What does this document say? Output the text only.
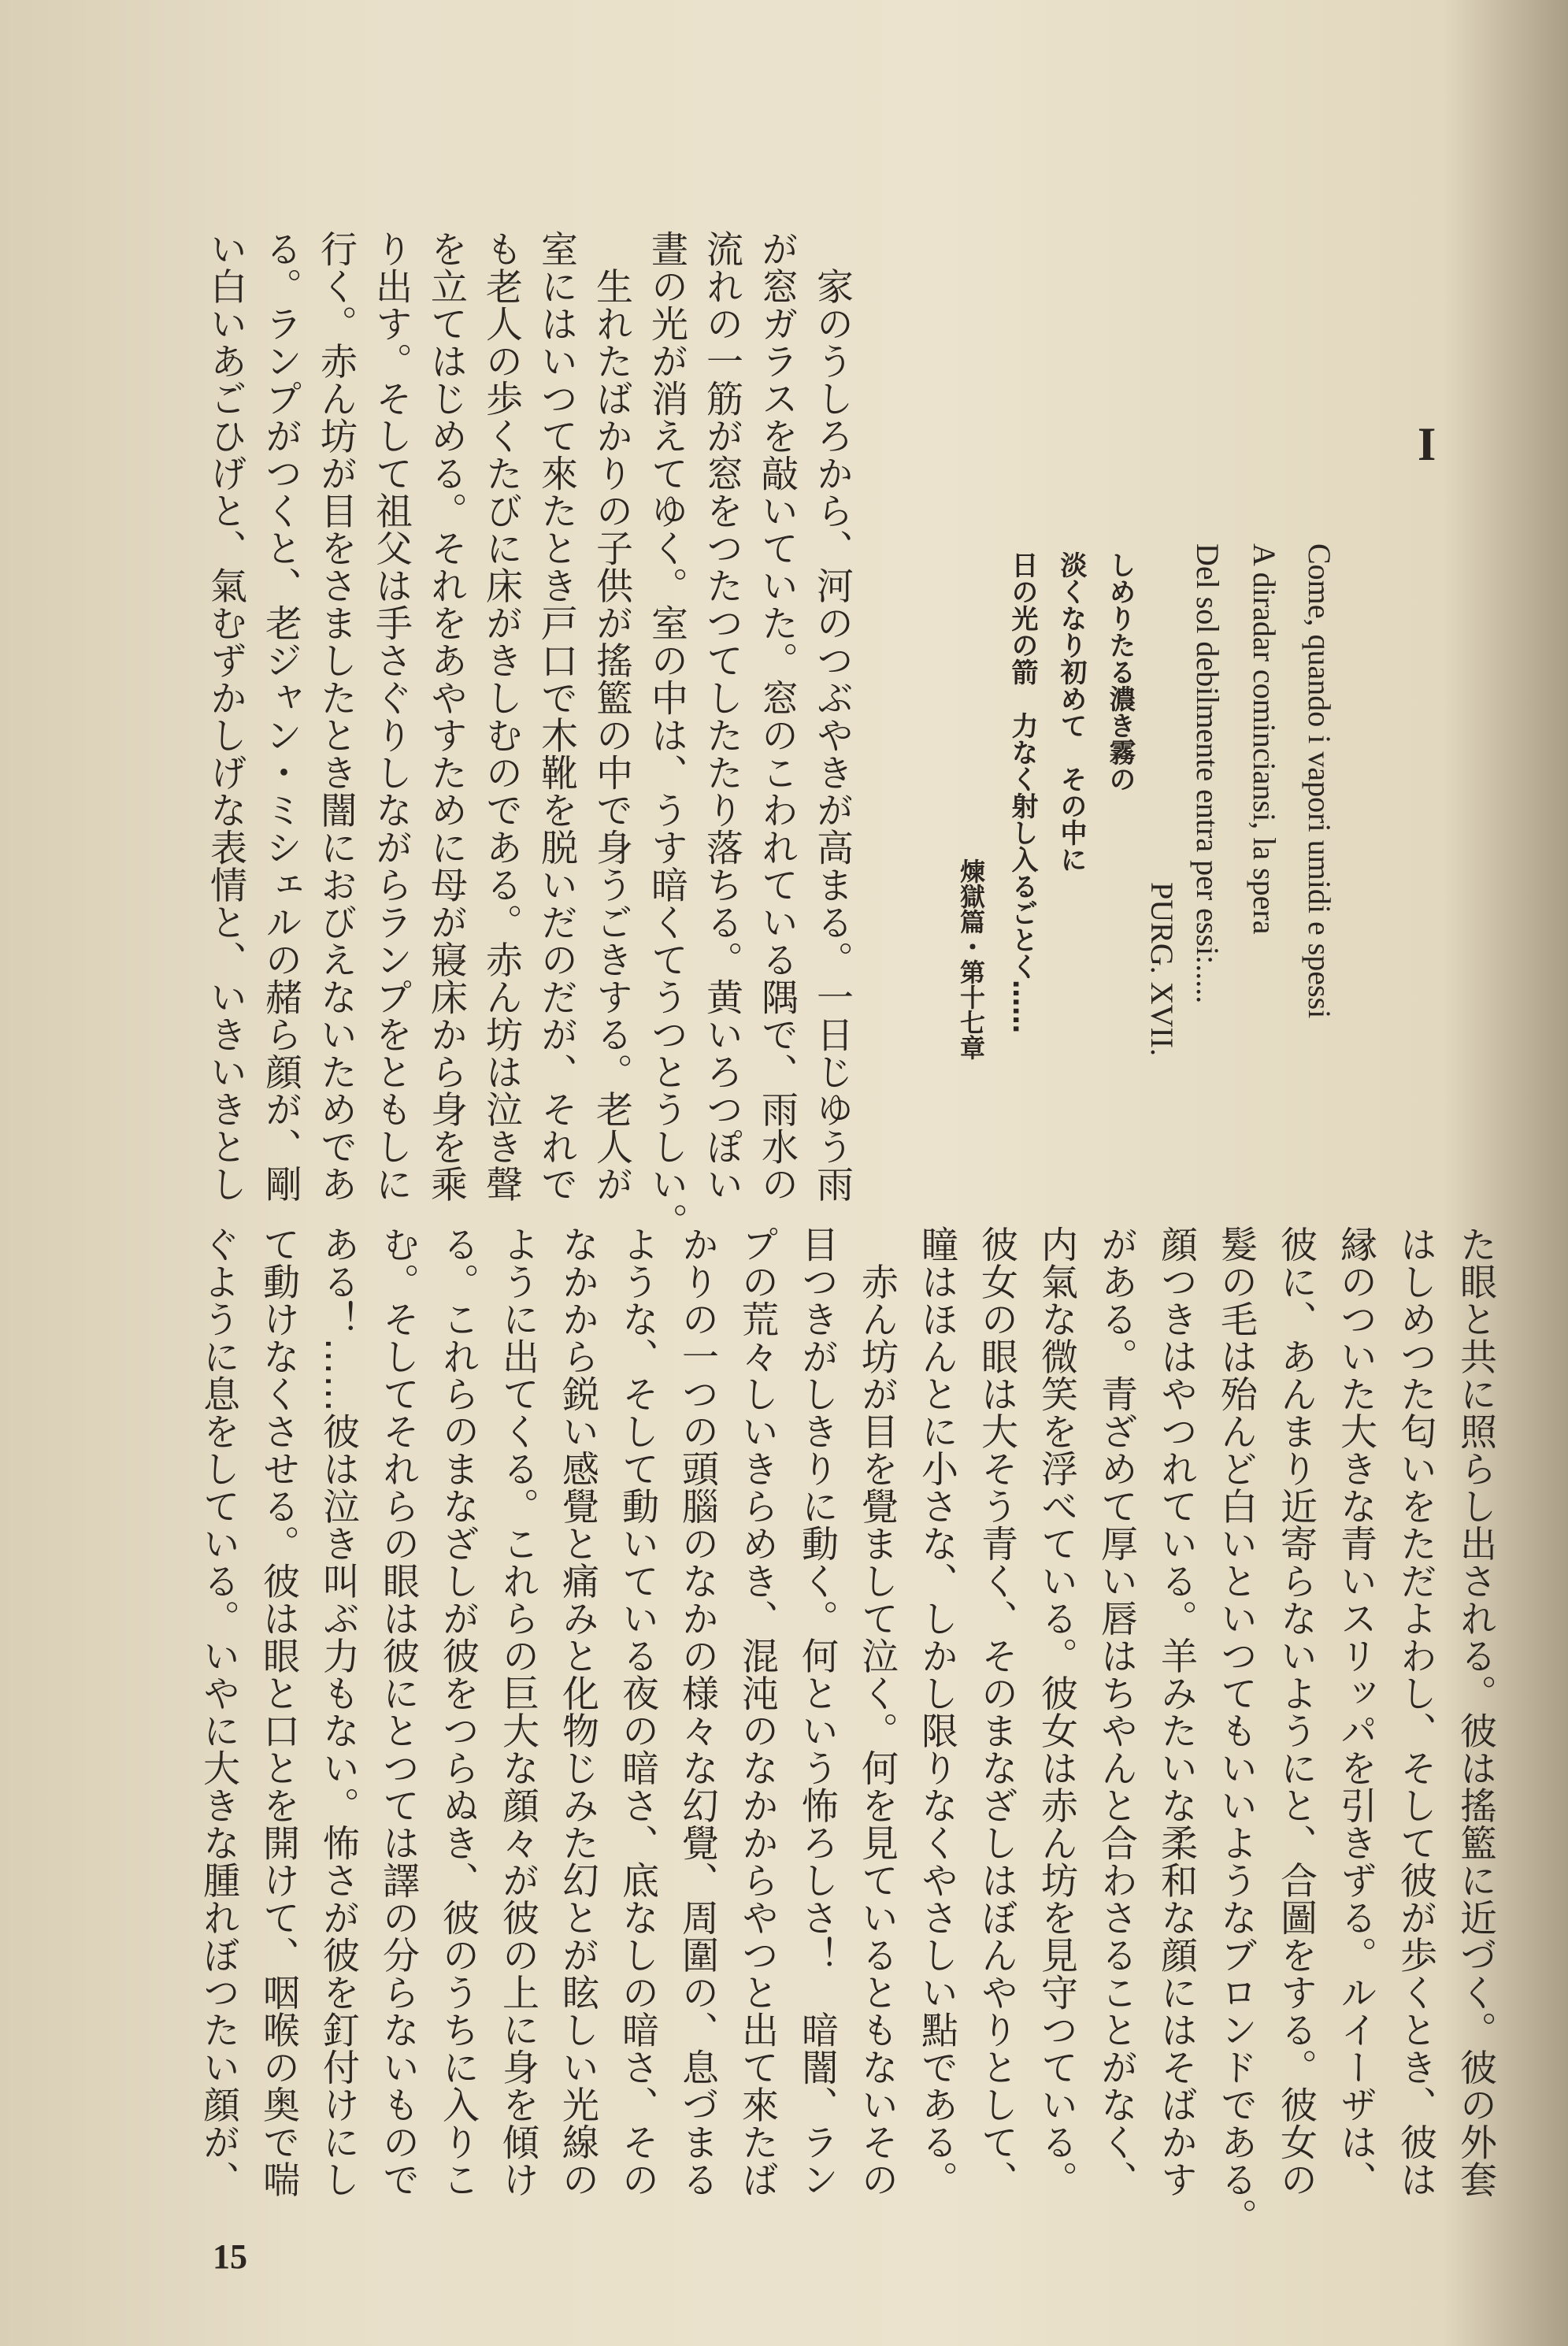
I
Come, quando i vapori umidi e spessi
A diradar cominciansi, la spera
Del sol debilmente entra per essi:.....
PURG. XVII.
しめりたる濃き霧の
淡くなり初めて　その中に
日の光の箭　力なく射し入るごとく……
煉獄篇・第十七章
　家のうしろから、河のつぶやきが高まる。一日じゆう雨
が窓ガラスを敲いていた。窓のこわれている隅で、雨水の
流れの一筋が窓をつたつてしたたり落ちる。黄いろつぽい
晝の光が消えてゆく。室の中は、うす暗くてうつとうしい。
　生れたばかりの子供が搖籃の中で身うごきする。老人が
室にはいつて來たとき戸口で木靴を脱いだのだが、それで
も老人の歩くたびに床がきしむのである。赤ん坊は泣き聲
を立てはじめる。それをあやすために母が寢床から身を乘
り出す。そして祖父は手さぐりしながらランプをともしに
行く。赤ん坊が目をさましたとき闇におびえないためであ
る。ランプがつくと、老ジャン・ミシェルの赭ら顔が、剛
い白いあごひげと、氣むずかしげな表情と、いきいきとし
た眼と共に照らし出される。彼は搖籃に近づく。彼の外套
はしめつた匂いをただよわし、そして彼が歩くとき、彼は
縁のついた大きな青いスリッパを引きずる。ルイーザは、
彼に、あんまり近寄らないようにと、合圖をする。彼女の
髮の毛は殆んど白いといつてもいいようなブロンドである。
顔つきはやつれている。羊みたいな柔和な顔にはそばかす
がある。青ざめて厚い唇はちやんと合わさることがなく、
内氣な微笑を浮べている。彼女は赤ん坊を見守つている。
彼女の眼は大そう青く、そのまなざしはぼんやりとして、
瞳はほんとに小さな、しかし限りなくやさしい點である。
　赤ん坊が目を覺まして泣く。何を見ているともないその
目つきがしきりに動く。何という怖ろしさ！　暗闇、ラン
プの荒々しいきらめき、混沌のなかからやつと出て來たば
かりの一つの頭腦のなかの様々な幻覺、周圍の、息づまる
ような、そして動いている夜の暗さ、底なしの暗さ、その
なかから鋭い感覺と痛みと化物じみた幻とが眩しい光線の
ように出てくる。これらの巨大な顔々が彼の上に身を傾け
る。これらのまなざしが彼をつらぬき、彼のうちに入りこ
む。そしてそれらの眼は彼にとつては譯の分らないもので
ある！……彼は泣き叫ぶ力もない。怖さが彼を釘付けにし
て動けなくさせる。彼は眼と口とを開けて、咽喉の奥で喘
ぐように息をしている。いやに大きな腫れぼつたい顔が、
15
